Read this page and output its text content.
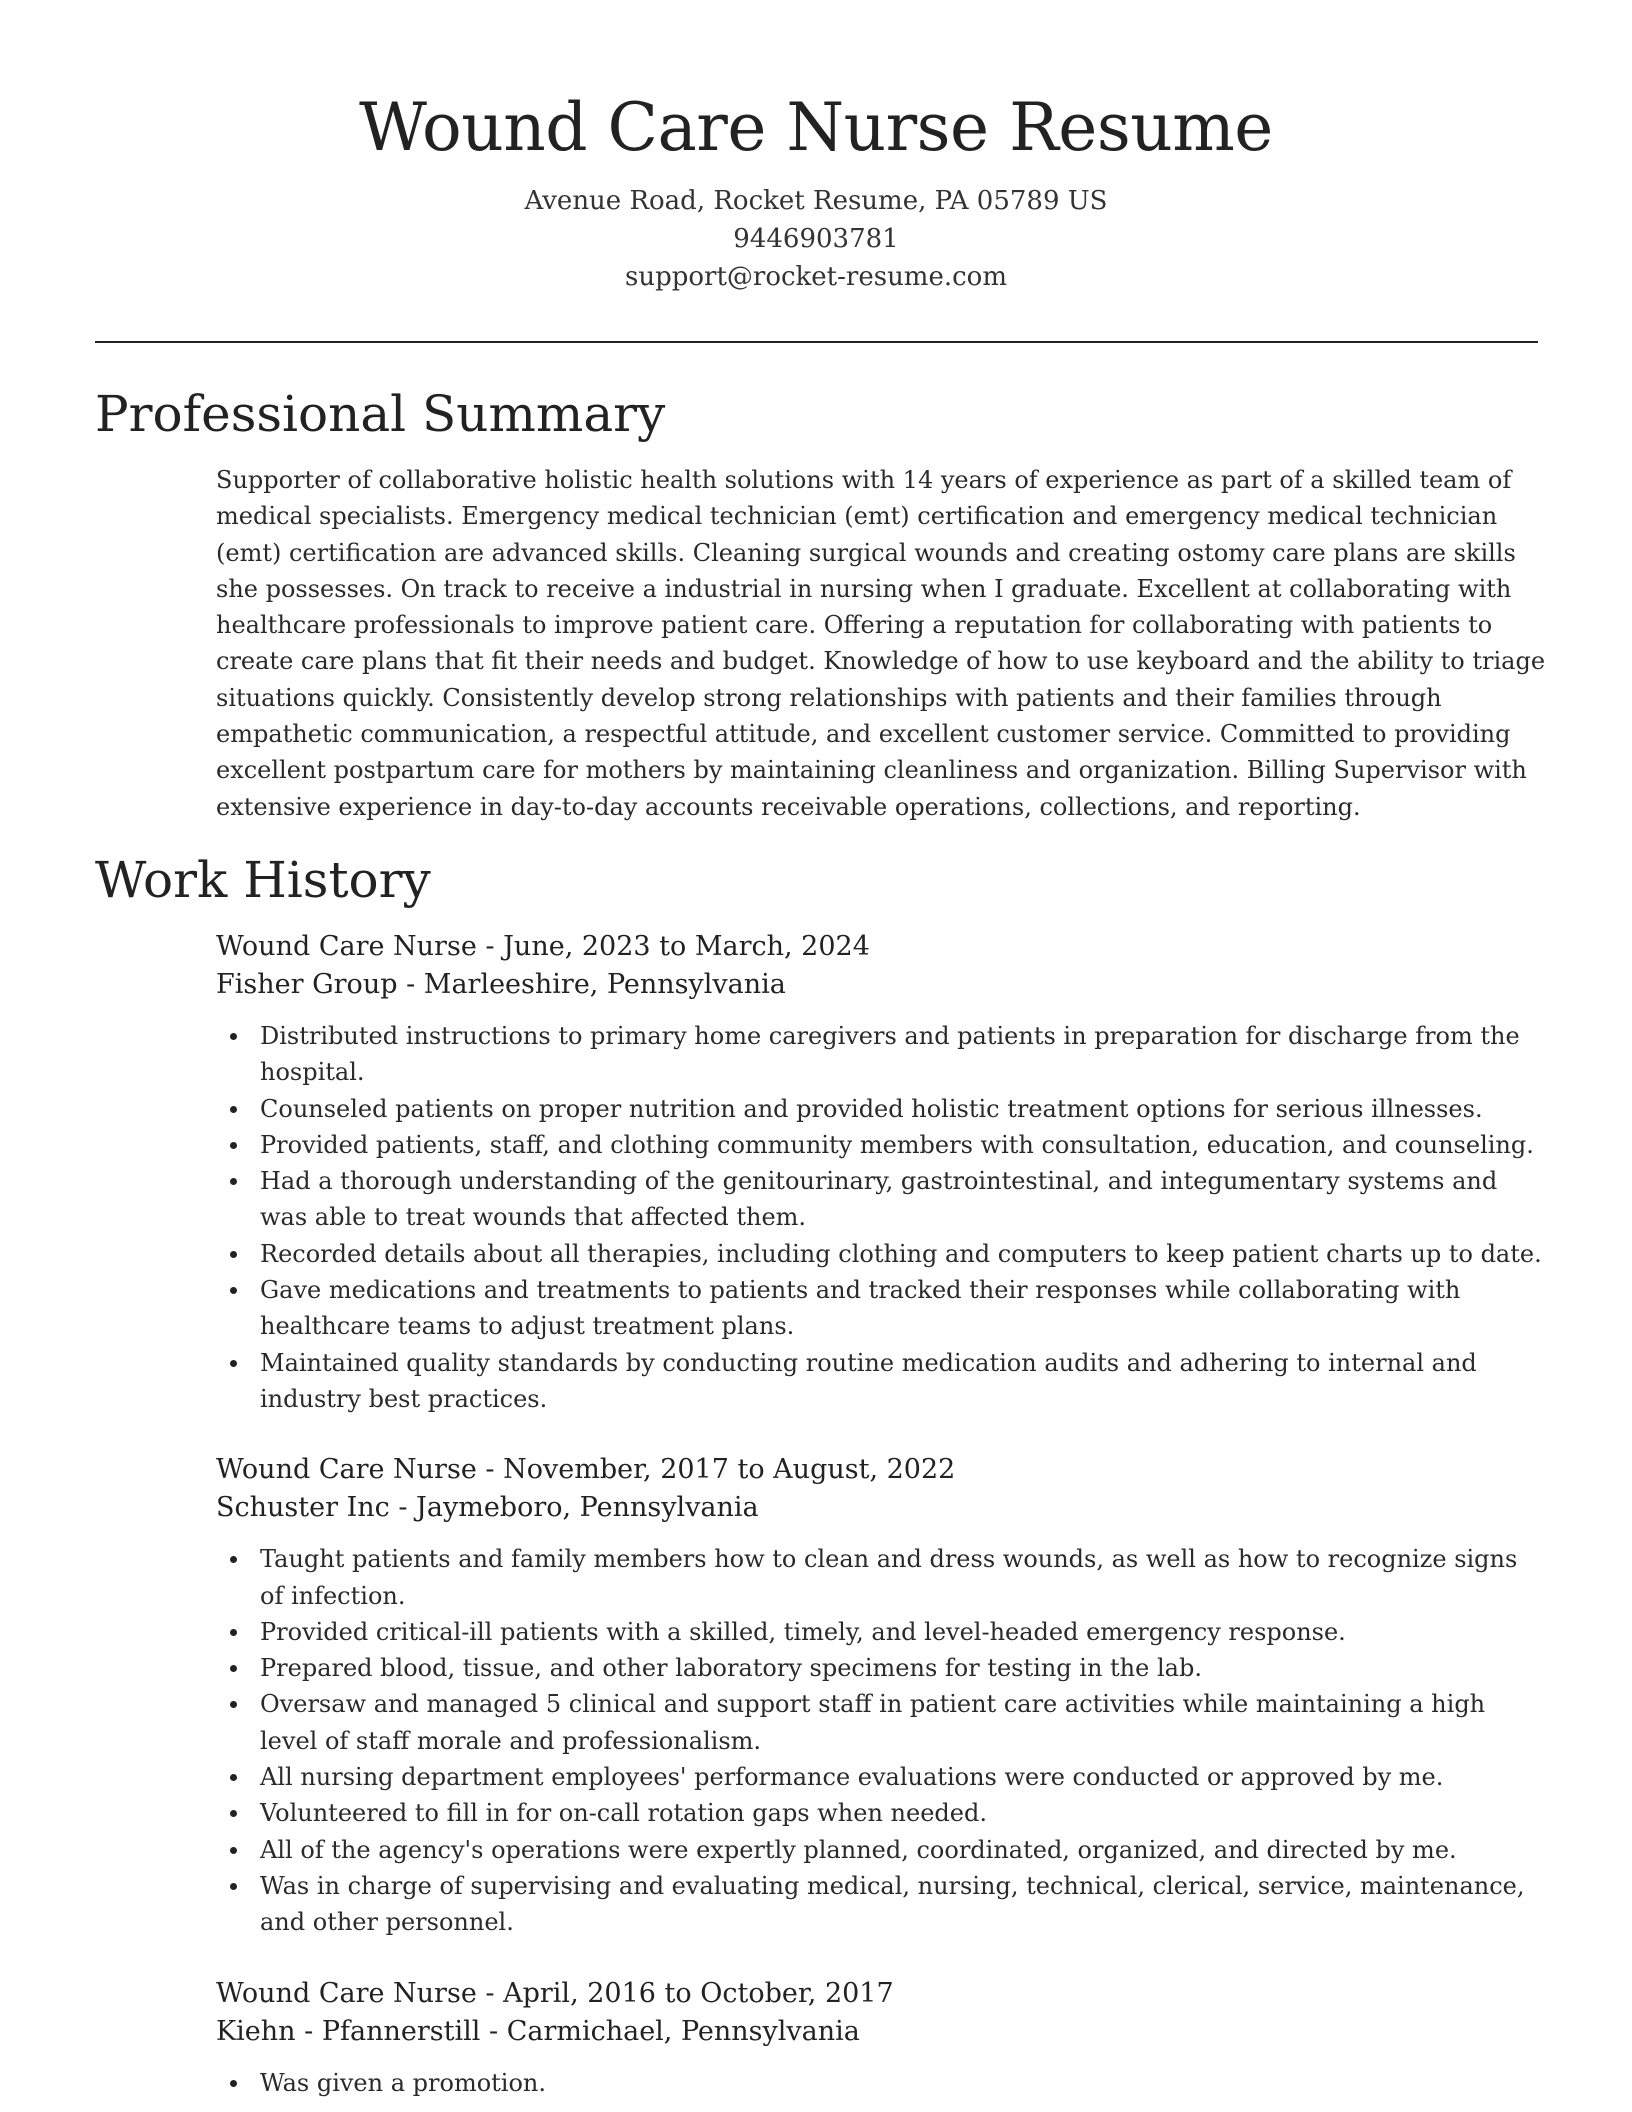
Wound Care Nurse Resume
Avenue Road, Rocket Resume, PA 05789 US
9446903781
support@rocket-resume.com
Professional Summary

Supporter of collaborative holistic health solutions with 14 years of experience as part of a skilled team of medical specialists. Emergency medical technician (emt) certification and emergency medical technician (emt) certification are advanced skills. Cleaning surgical wounds and creating ostomy care plans are skills she possesses. On track to receive a industrial in nursing when I graduate. Excellent at collaborating with healthcare professionals to improve patient care. Offering a reputation for collaborating with patients to create care plans that fit their needs and budget. Knowledge of how to use keyboard and the ability to triage situations quickly. Consistently develop strong relationships with patients and their families through empathetic communication, a respectful attitude, and excellent customer service. Committed to providing excellent postpartum care for mothers by maintaining cleanliness and organization. Billing Supervisor with extensive experience in day-to-day accounts receivable operations, collections, and reporting.

Work History
Wound Care Nurse - June, 2023 to March, 2024
Fisher Group - Marleeshire, Pennsylvania
Distributed instructions to primary home caregivers and patients in preparation for discharge from the hospital.
Counseled patients on proper nutrition and provided holistic treatment options for serious illnesses.
Provided patients, staff, and clothing community members with consultation, education, and counseling.
Had a thorough understanding of the genitourinary, gastrointestinal, and integumentary systems and was able to treat wounds that affected them.
Recorded details about all therapies, including clothing and computers to keep patient charts up to date.
Gave medications and treatments to patients and tracked their responses while collaborating with healthcare teams to adjust treatment plans.
Maintained quality standards by conducting routine medication audits and adhering to internal and industry best practices.
Wound Care Nurse - November, 2017 to August, 2022
Schuster Inc - Jaymeboro, Pennsylvania
Taught patients and family members how to clean and dress wounds, as well as how to recognize signs of infection.
Provided critical-ill patients with a skilled, timely, and level-headed emergency response.
Prepared blood, tissue, and other laboratory specimens for testing in the lab.
Oversaw and managed 5 clinical and support staff in patient care activities while maintaining a high level of staff morale and professionalism.
All nursing department employees' performance evaluations were conducted or approved by me.
Volunteered to fill in for on-call rotation gaps when needed.
All of the agency's operations were expertly planned, coordinated, organized, and directed by me.
Was in charge of supervising and evaluating medical, nursing, technical, clerical, service, maintenance, and other personnel.
Wound Care Nurse - April, 2016 to October, 2017
Kiehn - Pfannerstill - Carmichael, Pennsylvania
Was given a promotion.
